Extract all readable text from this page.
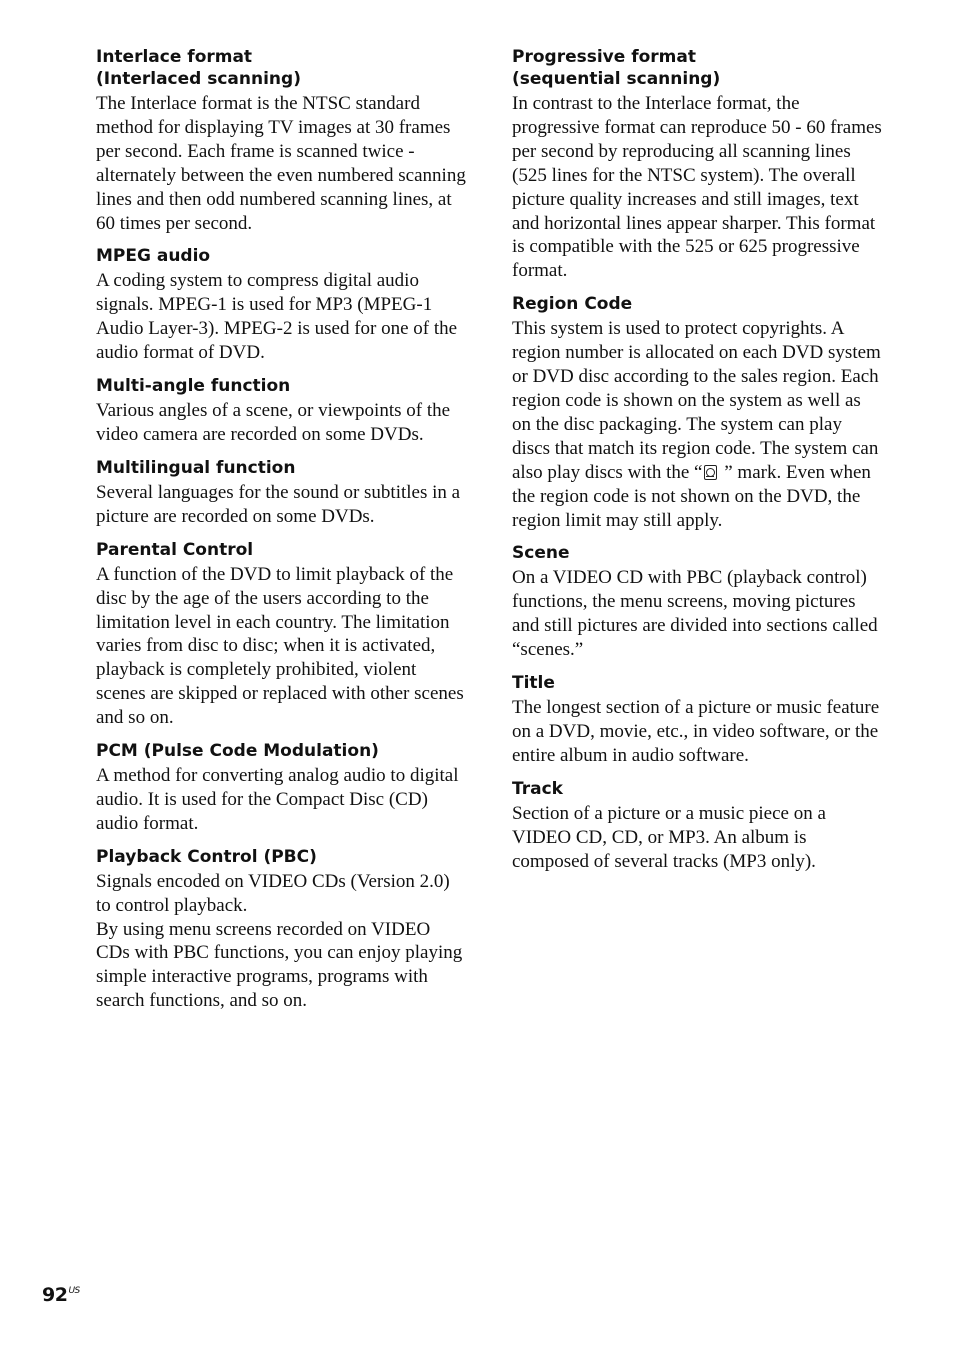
Interlace format
(Interlaced scanning)

The Interlace format is the NTSC standard method for displaying TV images at 30 frames per second. Each frame is scanned twice - alternately between the even numbered scanning lines and then odd numbered scanning lines, at 60 times per second.

MPEG audio

A coding system to compress digital audio signals. MPEG-1 is used for MP3 (MPEG-1 Audio Layer-3). MPEG-2 is used for one of the audio format of DVD.

Multi-angle function

Various angles of a scene, or viewpoints of the video camera are recorded on some DVDs.

Multilingual function

Several languages for the sound or subtitles in a picture are recorded on some DVDs.

Parental Control

A function of the DVD to limit playback of the disc by the age of the users according to the limitation level in each country. The limitation varies from disc to disc; when it is activated, playback is completely prohibited, violent scenes are skipped or replaced with other scenes and so on.

PCM (Pulse Code Modulation)

A method for converting analog audio to digital audio. It is used for the Compact Disc (CD) audio format.

Playback Control (PBC)

Signals encoded on VIDEO CDs (Version 2.0) to control playback.

By using menu screens recorded on VIDEO CDs with PBC functions, you can enjoy playing simple interactive programs, programs with search functions, and so on.

Progressive format
(sequential scanning)

In contrast to the Interlace format, the progressive format can reproduce 50 - 60 frames per second by reproducing all scanning lines (525 lines for the NTSC system). The overall picture quality increases and still images, text and horizontal lines appear sharper. This format is compatible with the 525 or 625 progressive format.

Region Code

This system is used to protect copyrights. A region number is allocated on each DVD system or DVD disc according to the sales region. Each region code is shown on the system as well as on the disc packaging. The system can play discs that match its region code. The system can also play discs with the “ ” mark. Even when the region code is not shown on the DVD, the region limit may still apply.

Scene

On a VIDEO CD with PBC (playback control) functions, the menu screens, moving pictures and still pictures are divided into sections called “scenes.”

Title

The longest section of a picture or music feature on a DVD, movie, etc., in video software, or the entire album in audio software.

Track

Section of a picture or a music piece on a VIDEO CD, CD, or MP3. An album is composed of several tracks (MP3 only).

$92^{US}$
